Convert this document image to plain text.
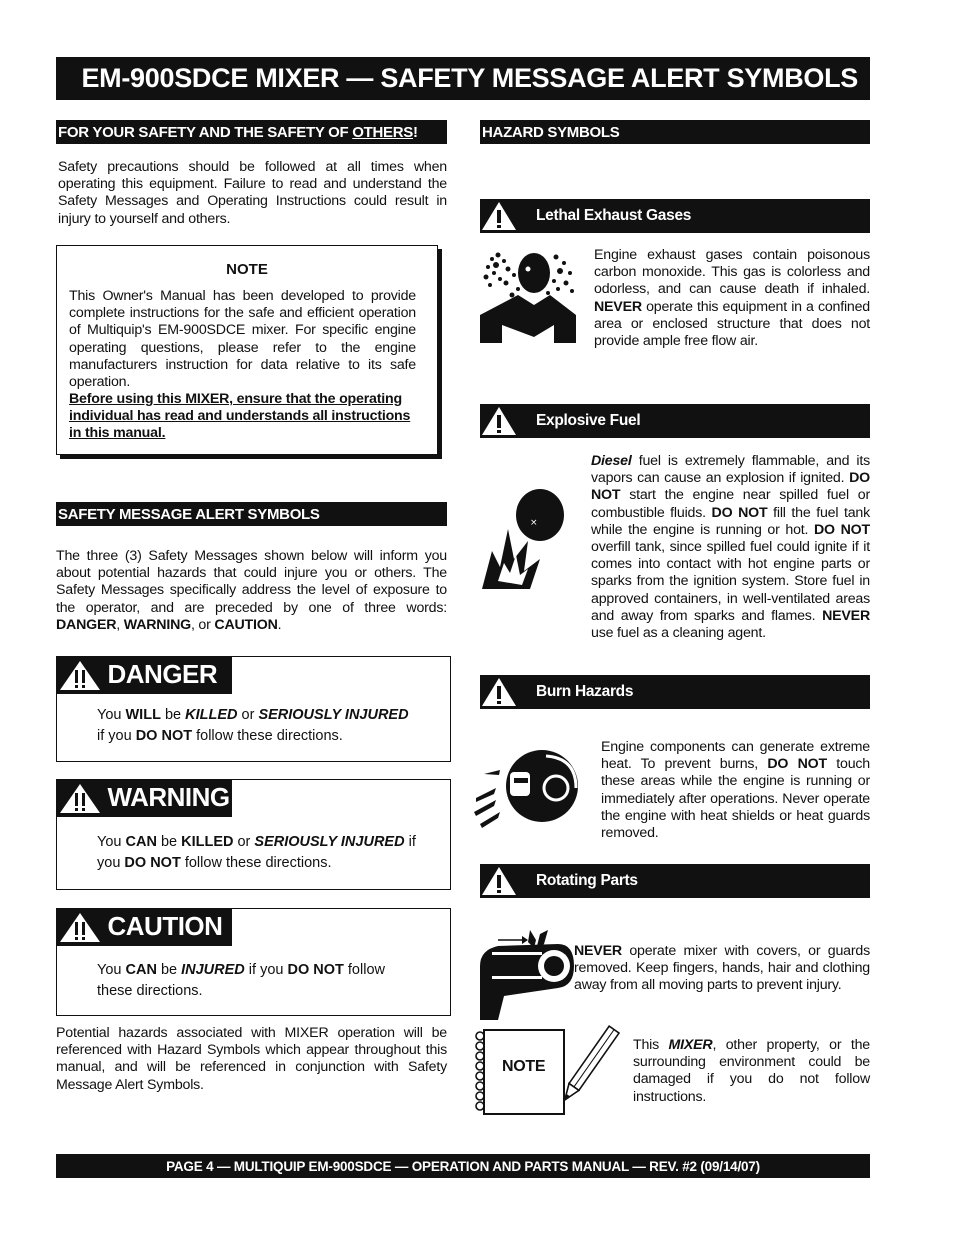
EM-900SDCE MIXER — SAFETY MESSAGE ALERT SYMBOLS
FOR YOUR SAFETY AND THE SAFETY OF OTHERS !
Safety precautions should be followed at all times when operating this equipment. Failure to read and understand the Safety Messages and Operating Instructions could result in injury to yourself and others.
NOTE
This Owner's Manual has been developed to provide complete instructions for the safe and efficient operation of Multiquip's EM-900SDCE mixer. For specific engine operating questions, please refer to the engine manufacturers instruction for data relative to its safe operation.
Before using this MIXER, ensure that the operating individual has read and understands all instructions in this manual.
SAFETY MESSAGE ALERT SYMBOLS
The three (3) Safety Messages shown below will inform you about potential hazards that could injure you or others. The Safety Messages specifically address the level of exposure to the operator, and are preceded by one of three words: DANGER, WARNING, or CAUTION.
DANGER
You WILL be KILLED or SERIOUSLY INJURED
if you DO NOT follow these directions.
WARNING
You CAN be KILLED or SERIOUSLY INJURED if
you DO NOT follow these directions.
CAUTION
You CAN be INJURED if you DO NOT follow
these directions.
Potential hazards associated with MIXER operation will be referenced with Hazard Symbols which appear throughout this manual, and will be referenced in conjunction with Safety Message Alert Symbols.
HAZARD SYMBOLS
Lethal Exhaust Gases
Engine exhaust gases contain poisonous carbon monoxide. This gas is colorless and odorless, and can cause death if inhaled. NEVER operate this equipment in a confined area or enclosed structure that does not provide ample free flow air.
Explosive Fuel
×
Diesel fuel is extremely flammable, and its vapors can cause an explosion if ignited. DO NOT start the engine near spilled fuel or combustible fluids. DO NOT fill the fuel tank while the engine is running or hot. DO NOT overfill tank, since spilled fuel could ignite if it comes into contact with hot engine parts or sparks from the ignition system. Store fuel in approved containers, in well-ventilated areas and away from sparks and flames. NEVER use fuel as a cleaning agent.
Burn Hazards
Engine components can generate extreme heat. To prevent burns, DO NOT touch these areas while the engine is running or immediately after operations. Never operate the engine with heat shields or heat guards removed.
Rotating Parts
NEVER operate mixer with covers, or guards removed. Keep fingers, hands, hair and clothing away from all moving parts to prevent injury.
NOTE
This MIXER, other property, or the surrounding environment could be damaged if you do not follow instructions.
PAGE 4 — MULTIQUIP EM-900SDCE — OPERATION AND PARTS MANUAL — REV. #2 (09/14/07)
